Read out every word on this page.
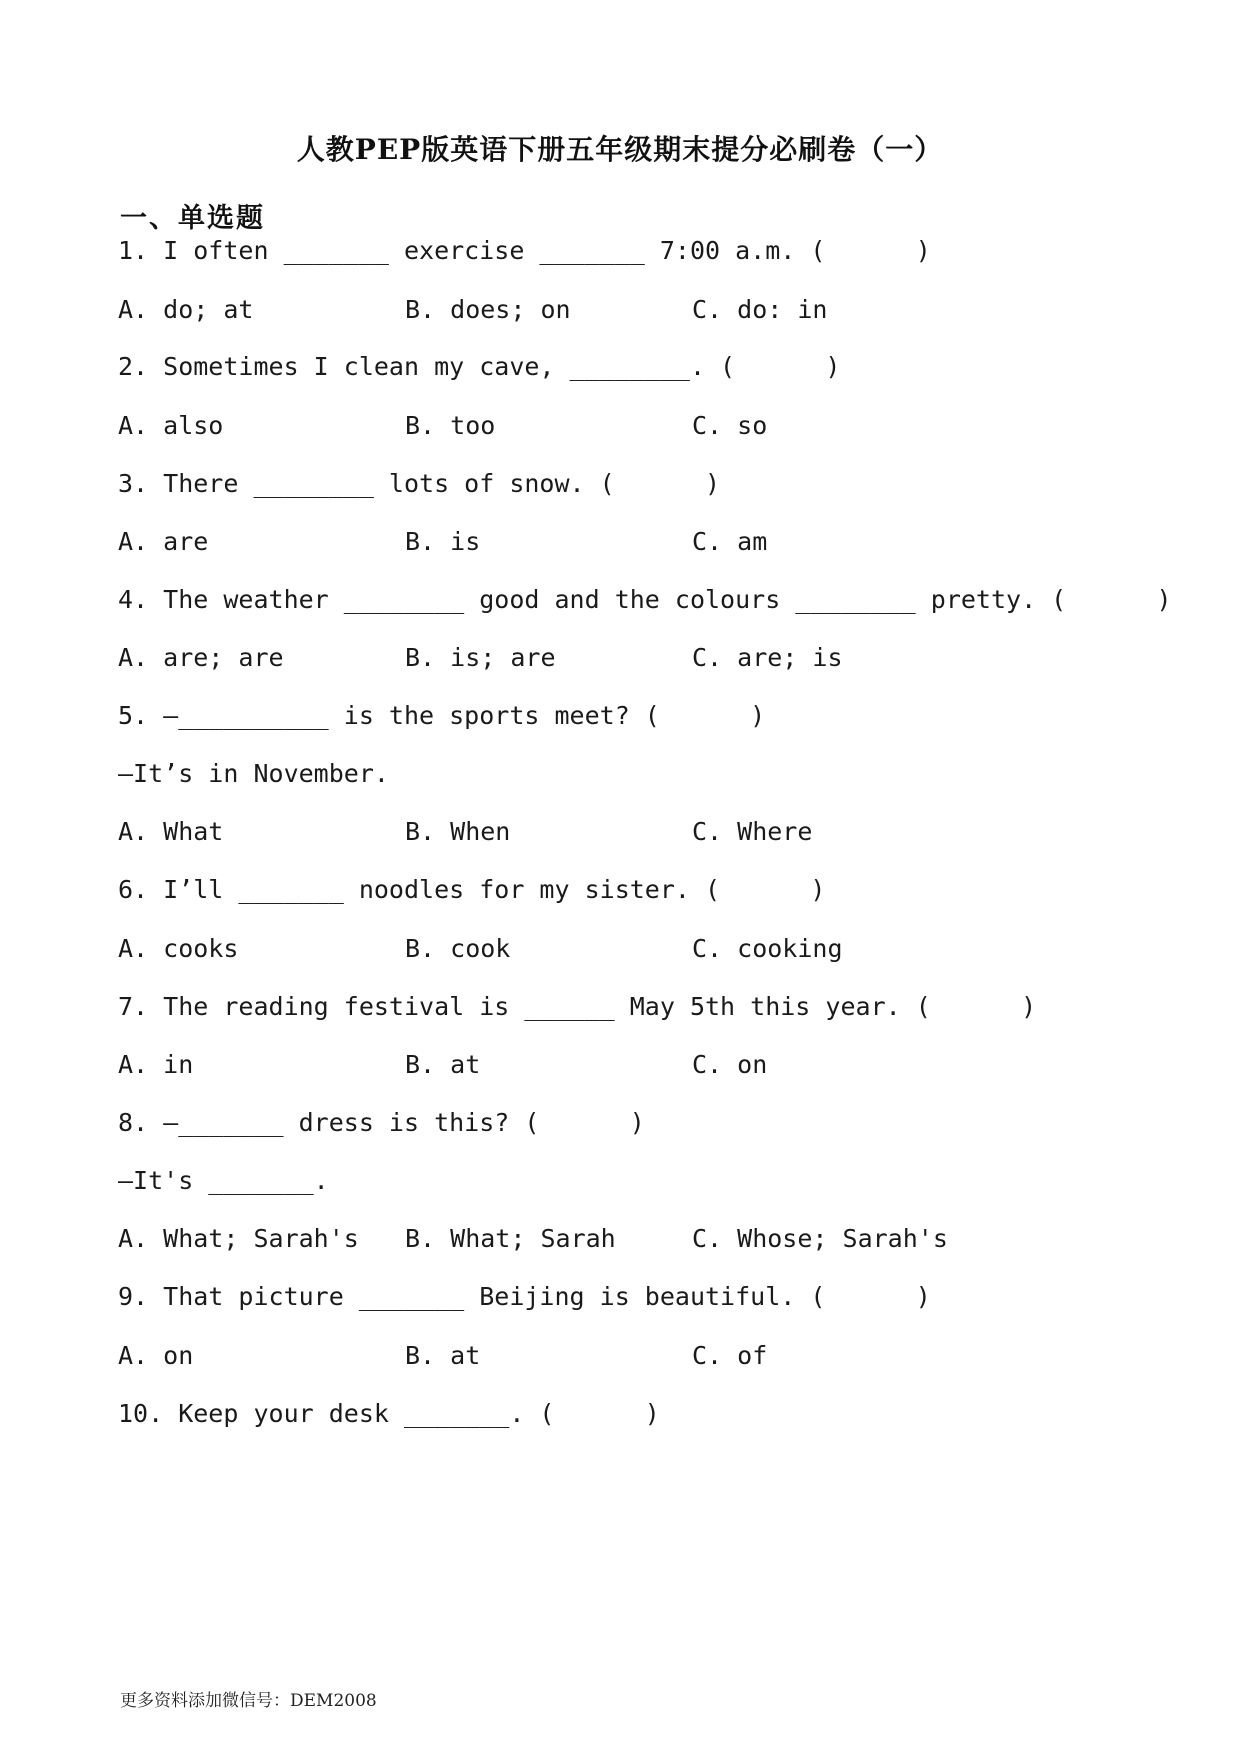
人教PEP版英语下册五年级期末提分必刷卷（一）
一、单选题
1. I often _______ exercise _______ 7:00 a.m. (      )
A. do; at	B. does; on	C. do: in
2. Sometimes I clean my cave, ________. (      )
A. also	B. too	C. so
3. There ________ lots of snow. (      )
A. are	B. is	C. am
4. The weather ________ good and the colours ________ pretty. (      )
A. are; are	B. is; are	C. are; is
5. —__________ is the sports meet? (      )
—It’s in November.
A. What	B. When	C. Where
6. I’ll _______ noodles for my sister. (      )
A. cooks	B. cook	C. cooking
7. The reading festival is ______ May 5th this year. (      )
A. in	B. at	C. on
8. —_______ dress is this? (      )
—It's _______.
A. What; Sarah's B. What; Sarah	C. Whose; Sarah's
9. That picture _______ Beijing is beautiful. (      )
A. on	B. at	C. of
10. Keep your desk _______. (      )
更多资料添加微信号：DEM2008
